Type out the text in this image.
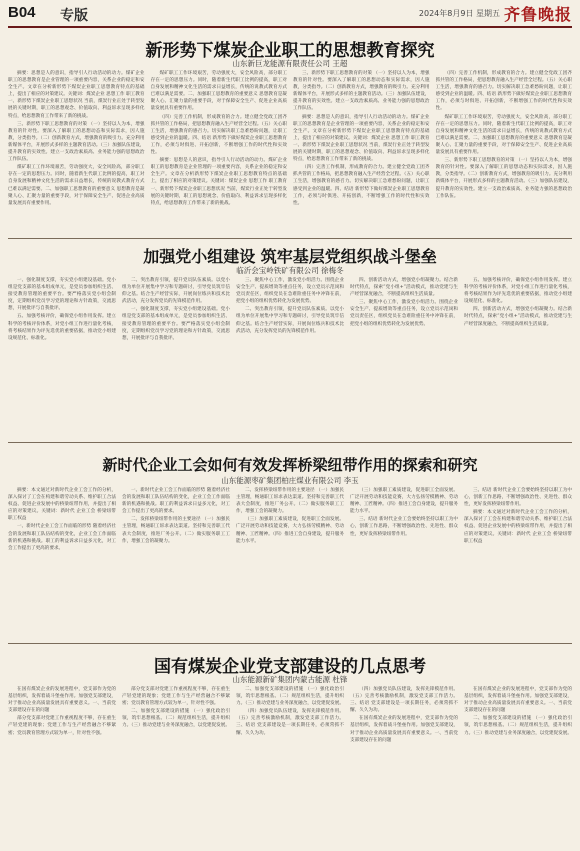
B04 专版	2024年8月9日 星期五 齐鲁晚报
新形势下煤炭企业职工的思想教育探究
山东新巨龙能源有限责任公司 王超

摘要：思想是人的意识，指导引人行动活动的动力。煤矿企业职工的思想教育是企业管理的一项重要内容，关系企业的稳定和安全生产。文章在分析新形势下煤炭企业职工思想教育特点的基础上，提出了相应的对策建议。关键词：煤炭企业 思想工作 职工教育 一、新形势下煤炭企业职工思想状况 当前，煤炭行业正处于转型发展的关键时期，职工的思想观念、价值取向、利益诉求呈现多样化特点，给思想教育工作带来了新的挑战。

三、新形势下职工思想教育的对策 （一）坚持以人为本，增强教育的针对性。要深入了解职工的思想动态和实际需求，因人施教，分类指导。（二）创新教育方式，增强教育的吸引力。充分利用新媒体平台，开展形式多样的主题教育活动。（三）加强队伍建设，提升教育的实效性。建立一支政治素质高、业务能力强的思想政治工作队伍。

煤矿职工工作环境艰苦，劳动强度大，安全风险高，部分职工存在一定的思想压力。同时，随着新生代职工比例的提高，职工对自身发展和精神文化生活的需求日益增长，传统的说教式教育方式已难以满足需要。二、加强职工思想教育的重要意义 思想教育是凝聚人心、汇聚力量的重要手段，对于保障安全生产、促进企业高质量发展具有重要作用。

煤矿职工工作环境艰苦，劳动强度大，安全风险高，部分职工存在一定的思想压力。同时，随着新生代职工比例的提高，职工对自身发展和精神文化生活的需求日益增长，传统的说教式教育方式已难以满足需要。二、加强职工思想教育的重要意义 思想教育是凝聚人心、汇聚力量的重要手段，对于保障安全生产、促进企业高质量发展具有重要作用。

（四）完善工作机制，形成教育的合力。建立健全党政工团齐抓共管的工作格局，把思想教育融入生产经营全过程。（五）关心职工生活，增强教育的感召力。切实解决职工急难愁盼问题，让职工感受到企业的温暖。四、结语 新形势下做好煤炭企业职工思想教育工作，必须与时俱进、开拓创新，不断增强工作的时代性和实效性。

摘要：思想是人的意识，指导引人行动活动的动力。煤矿企业职工的思想教育是企业管理的一项重要内容，关系企业的稳定和安全生产。文章在分析新形势下煤炭企业职工思想教育特点的基础上，提出了相应的对策建议。关键词：煤炭企业 思想工作 职工教育 一、新形势下煤炭企业职工思想状况 当前，煤炭行业正处于转型发展的关键时期，职工的思想观念、价值取向、利益诉求呈现多样化特点，给思想教育工作带来了新的挑战。

三、新形势下职工思想教育的对策 （一）坚持以人为本，增强教育的针对性。要深入了解职工的思想动态和实际需求，因人施教，分类指导。（二）创新教育方式，增强教育的吸引力。充分利用新媒体平台，开展形式多样的主题教育活动。（三）加强队伍建设，提升教育的实效性。建立一支政治素质高、业务能力强的思想政治工作队伍。

摘要：思想是人的意识，指导引人行动活动的动力。煤矿企业职工的思想教育是企业管理的一项重要内容，关系企业的稳定和安全生产。文章在分析新形势下煤炭企业职工思想教育特点的基础上，提出了相应的对策建议。关键词：煤炭企业 思想工作 职工教育 一、新形势下煤炭企业职工思想状况 当前，煤炭行业正处于转型发展的关键时期，职工的思想观念、价值取向、利益诉求呈现多样化特点，给思想教育工作带来了新的挑战。

（四）完善工作机制，形成教育的合力。建立健全党政工团齐抓共管的工作格局，把思想教育融入生产经营全过程。（五）关心职工生活，增强教育的感召力。切实解决职工急难愁盼问题，让职工感受到企业的温暖。四、结语 新形势下做好煤炭企业职工思想教育工作，必须与时俱进、开拓创新，不断增强工作的时代性和实效性。

（四）完善工作机制，形成教育的合力。建立健全党政工团齐抓共管的工作格局，把思想教育融入生产经营全过程。（五）关心职工生活，增强教育的感召力。切实解决职工急难愁盼问题，让职工感受到企业的温暖。四、结语 新形势下做好煤炭企业职工思想教育工作，必须与时俱进、开拓创新，不断增强工作的时代性和实效性。

煤矿职工工作环境艰苦，劳动强度大，安全风险高，部分职工存在一定的思想压力。同时，随着新生代职工比例的提高，职工对自身发展和精神文化生活的需求日益增长，传统的说教式教育方式已难以满足需要。二、加强职工思想教育的重要意义 思想教育是凝聚人心、汇聚力量的重要手段，对于保障安全生产、促进企业高质量发展具有重要作用。

三、新形势下职工思想教育的对策 （一）坚持以人为本，增强教育的针对性。要深入了解职工的思想动态和实际需求，因人施教，分类指导。（二）创新教育方式，增强教育的吸引力。充分利用新媒体平台，开展形式多样的主题教育活动。（三）加强队伍建设，提升教育的实效性。建立一支政治素质高、业务能力强的思想政治工作队伍。

加强党小组建设 筑牢基层党组织战斗堡垒
临沂会宝岭铁矿有限公司 徐梅冬

一、强化制度支撑，夯实党小组建设基础。党小组是党支部的基本组成单元，是党员参加组织生活、接受教育管理的重要平台。要严格落实党小组会制度，定期组织党员学习党的理论和方针政策，交流思想，开展批评与自我批评。

五、加强考核评价，确保党小组作用发挥。建立科学的考核评价体系，对党小组工作进行量化考核，将考核结果作为评先选优的重要依据，推动党小组建设规范化、标准化。

二、突出教育引领，提升党员队伍素质。以党小组为单位开展集中学习和专题研讨，引导党员筑牢信仰之基。结合生产经营实际，开展岗位练兵和技术比武活动，充分发挥党员的先锋模范作用。

一、强化制度支撑，夯实党小组建设基础。党小组是党支部的基本组成单元，是党员参加组织生活、接受教育管理的重要平台。要严格落实党小组会制度，定期组织党员学习党的理论和方针政策，交流思想，开展批评与自我批评。

三、聚焦中心工作，激发党小组活力。围绕企业安全生产、提质增效等重点任务，设立党员示范岗和党员责任区，组织党员在急难险重任务中冲锋在前，把党小组的组织优势转化为发展优势。

二、突出教育引领，提升党员队伍素质。以党小组为单位开展集中学习和专题研讨，引导党员筑牢信仰之基。结合生产经营实际，开展岗位练兵和技术比武活动，充分发挥党员的先锋模范作用。

四、创新活动方式，增强党小组凝聚力。结合新时代特点，探索“党小组+”活动模式，推动党建与生产经营深度融合，不断提高组织生活质量。

三、聚焦中心工作，激发党小组活力。围绕企业安全生产、提质增效等重点任务，设立党员示范岗和党员责任区，组织党员在急难险重任务中冲锋在前，把党小组的组织优势转化为发展优势。

五、加强考核评价，确保党小组作用发挥。建立科学的考核评价体系，对党小组工作进行量化考核，将考核结果作为评先选优的重要依据，推动党小组建设规范化、标准化。

四、创新活动方式，增强党小组凝聚力。结合新时代特点，探索“党小组+”活动模式，推动党建与生产经营深度融合，不断提高组织生活质量。

新时代企业工会如何有效发挥桥梁纽带作用的探索和研究
山东能源枣矿集团柏庄煤业有限公司 李玉

摘要：本文通过对新时代企业工会工作的分析，深入探讨了工会在构建和谐劳动关系、维护职工合法权益、促进企业发展中的桥梁纽带作用，并提出了相应的对策建议。关键词：新时代 企业工会 桥梁纽带 职工权益

一、新时代企业工会工作面临的形势 随着经济社会的发展和职工队伍结构的变化，企业工会工作面临新的机遇和挑战。职工的利益诉求日益多元化，对工会工作提出了更高的要求。

一、新时代企业工会工作面临的形势 随着经济社会的发展和职工队伍结构的变化，企业工会工作面临新的机遇和挑战。职工的利益诉求日益多元化，对工会工作提出了更高的要求。

二、发挥桥梁纽带作用的主要途径 （一）加强民主管理，畅通职工诉求表达渠道。坚持和完善职工代表大会制度，推进厂务公开。（二）做实服务职工工作，增强工会的凝聚力。

二、发挥桥梁纽带作用的主要途径 （一）加强民主管理，畅通职工诉求表达渠道。坚持和完善职工代表大会制度，推进厂务公开。（二）做实服务职工工作，增强工会的凝聚力。

（三）加强职工素质建设，促进职工全面发展。广泛开展劳动和技能竞赛，大力弘扬劳模精神、劳动精神、工匠精神。（四）推进工会自身建设，提升服务能力水平。

（三）加强职工素质建设，促进职工全面发展。广泛开展劳动和技能竞赛，大力弘扬劳模精神、劳动精神、工匠精神。（四）推进工会自身建设，提升服务能力水平。

三、结语 新时代企业工会要始终坚持以职工为中心，创新工作思路，不断增强政治性、先进性、群众性，更好发挥桥梁纽带作用。

三、结语 新时代企业工会要始终坚持以职工为中心，创新工作思路，不断增强政治性、先进性、群众性，更好发挥桥梁纽带作用。

摘要：本文通过对新时代企业工会工作的分析，深入探讨了工会在构建和谐劳动关系、维护职工合法权益、促进企业发展中的桥梁纽带作用，并提出了相应的对策建议。关键词：新时代 企业工会 桥梁纽带 职工权益

国有煤炭企业党支部建设的几点思考
山东能源新矿集团内蒙古能源 杜锋

在国有煤炭企业的发展进程中，党支部作为党的基层组织，发挥着战斗堡垒作用。加强党支部建设，对于推动企业高质量发展具有重要意义。一、当前党支部建设存在的问题

部分党支部对党建工作重视程度不够，存在重生产轻党建的现象；党建工作与生产经营融合不够紧密；党员教育管理方式较为单一，针对性不强。

部分党支部对党建工作重视程度不够，存在重生产轻党建的现象；党建工作与生产经营融合不够紧密；党员教育管理方式较为单一，针对性不强。

二、加强党支部建设的措施 （一）强化政治引领，筑牢思想根基。（二）规范组织生活，提升组织力。（三）推动党建与业务深度融合，以党建促发展。

二、加强党支部建设的措施 （一）强化政治引领，筑牢思想根基。（二）规范组织生活，提升组织力。（三）推动党建与业务深度融合，以党建促发展。

（四）加强党员队伍建设，发挥先锋模范作用。（五）完善考核激励机制，激发党支部工作活力。三、结语 党支部建设是一项长期任务，必须常抓不懈、久久为功。

（四）加强党员队伍建设，发挥先锋模范作用。（五）完善考核激励机制，激发党支部工作活力。三、结语 党支部建设是一项长期任务，必须常抓不懈、久久为功。

在国有煤炭企业的发展进程中，党支部作为党的基层组织，发挥着战斗堡垒作用。加强党支部建设，对于推动企业高质量发展具有重要意义。一、当前党支部建设存在的问题

在国有煤炭企业的发展进程中，党支部作为党的基层组织，发挥着战斗堡垒作用。加强党支部建设，对于推动企业高质量发展具有重要意义。一、当前党支部建设存在的问题

二、加强党支部建设的措施 （一）强化政治引领，筑牢思想根基。（二）规范组织生活，提升组织力。（三）推动党建与业务深度融合，以党建促发展。
